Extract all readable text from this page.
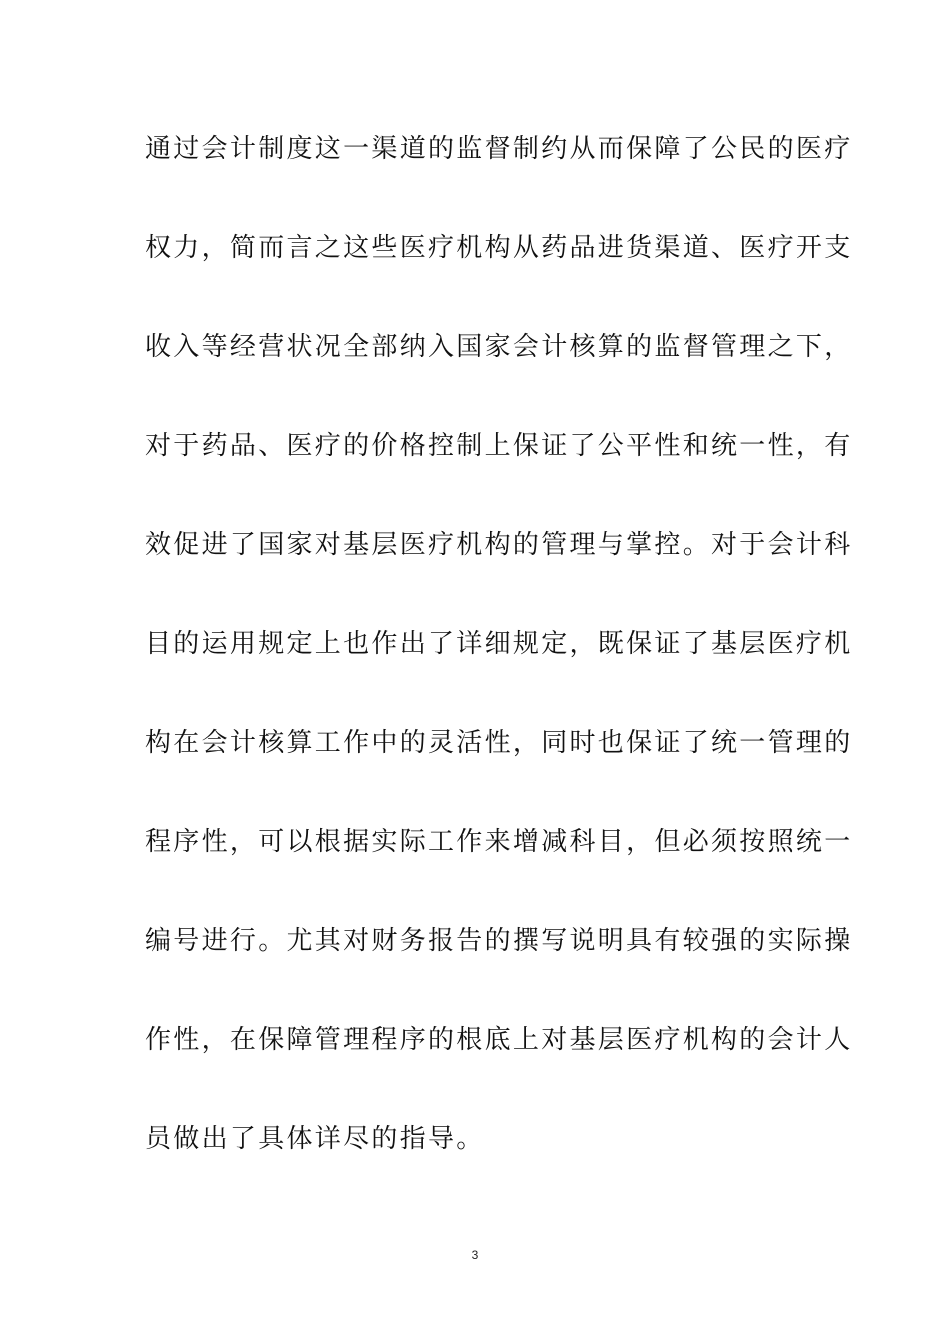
通过会计制度这一渠道的监督制约从而保障了公民的医疗
权力，简而言之这些医疗机构从药品进货渠道、医疗开支
收入等经营状况全部纳入国家会计核算的监督管理之下，
对于药品、医疗的价格控制上保证了公平性和统一性，有
效促进了国家对基层医疗机构的管理与掌控。对于会计科
目的运用规定上也作出了详细规定，既保证了基层医疗机
构在会计核算工作中的灵活性，同时也保证了统一管理的
程序性，可以根据实际工作来增减科目，但必须按照统一
编号进行。尤其对财务报告的撰写说明具有较强的实际操
作性，在保障管理程序的根底上对基层医疗机构的会计人
员做出了具体详尽的指导。
3
